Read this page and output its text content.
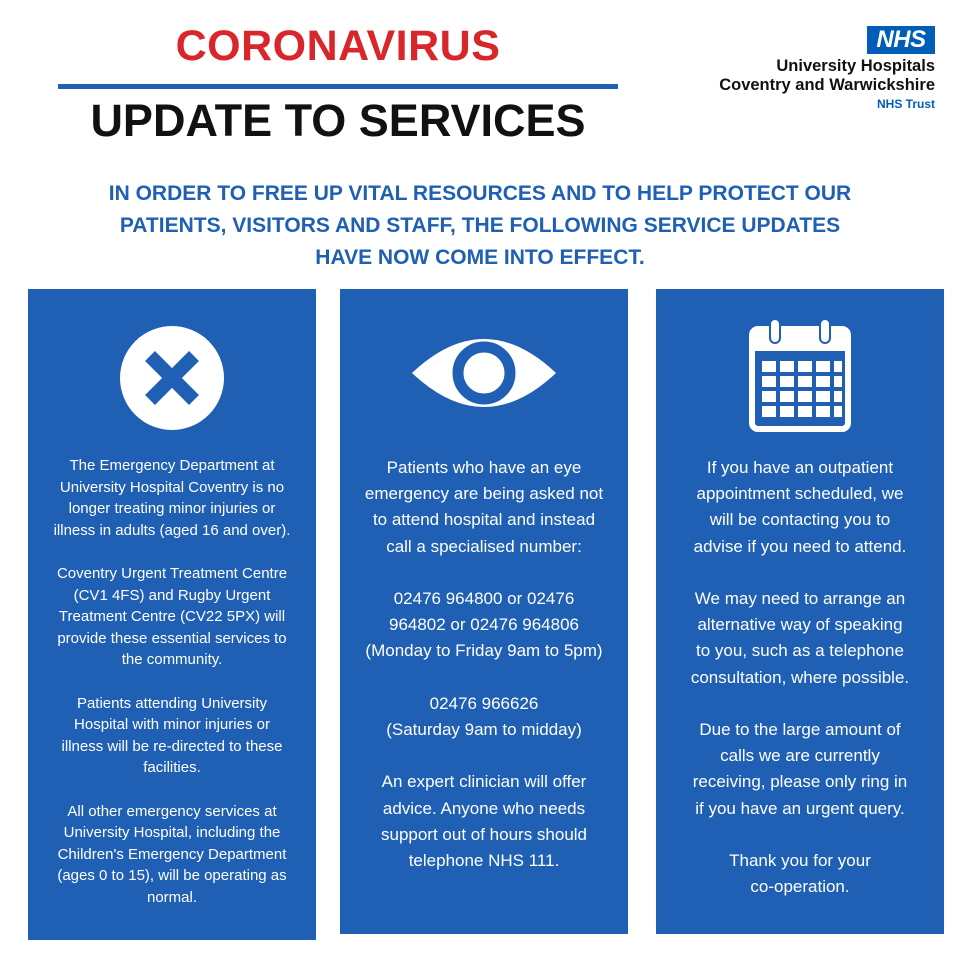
CORONAVIRUS
UPDATE TO SERVICES
NHS
University Hospitals
Coventry and Warwickshire
NHS Trust
IN ORDER TO FREE UP VITAL RESOURCES AND TO HELP PROTECT OUR
PATIENTS, VISITORS AND STAFF, THE FOLLOWING SERVICE UPDATES
HAVE NOW COME INTO EFFECT.

The Emergency Department at
University Hospital Coventry is no
longer treating minor injuries or
illness in adults (aged 16 and over).

Coventry Urgent Treatment Centre
(CV1 4FS) and Rugby Urgent
Treatment Centre (CV22 5PX) will
provide these essential services to
the community.

Patients attending University
Hospital with minor injuries or
illness will be re-directed to these
facilities.

All other emergency services at
University Hospital, including the
Children's Emergency Department
(ages 0 to 15), will be operating as
normal.

Patients who have an eye
emergency are being asked not
to attend hospital and instead
call a specialised number:

02476 964800 or 02476
964802 or 02476 964806
(Monday to Friday 9am to 5pm)

02476 966626
(Saturday 9am to midday)

An expert clinician will offer
advice. Anyone who needs
support out of hours should
telephone NHS 111.

If you have an outpatient
appointment scheduled, we
will be contacting you to
advise if you need to attend.

We may need to arrange an
alternative way of speaking
to you, such as a telephone
consultation, where possible.

Due to the large amount of
calls we are currently
receiving, please only ring in
if you have an urgent query.

Thank you for your
co-operation.
